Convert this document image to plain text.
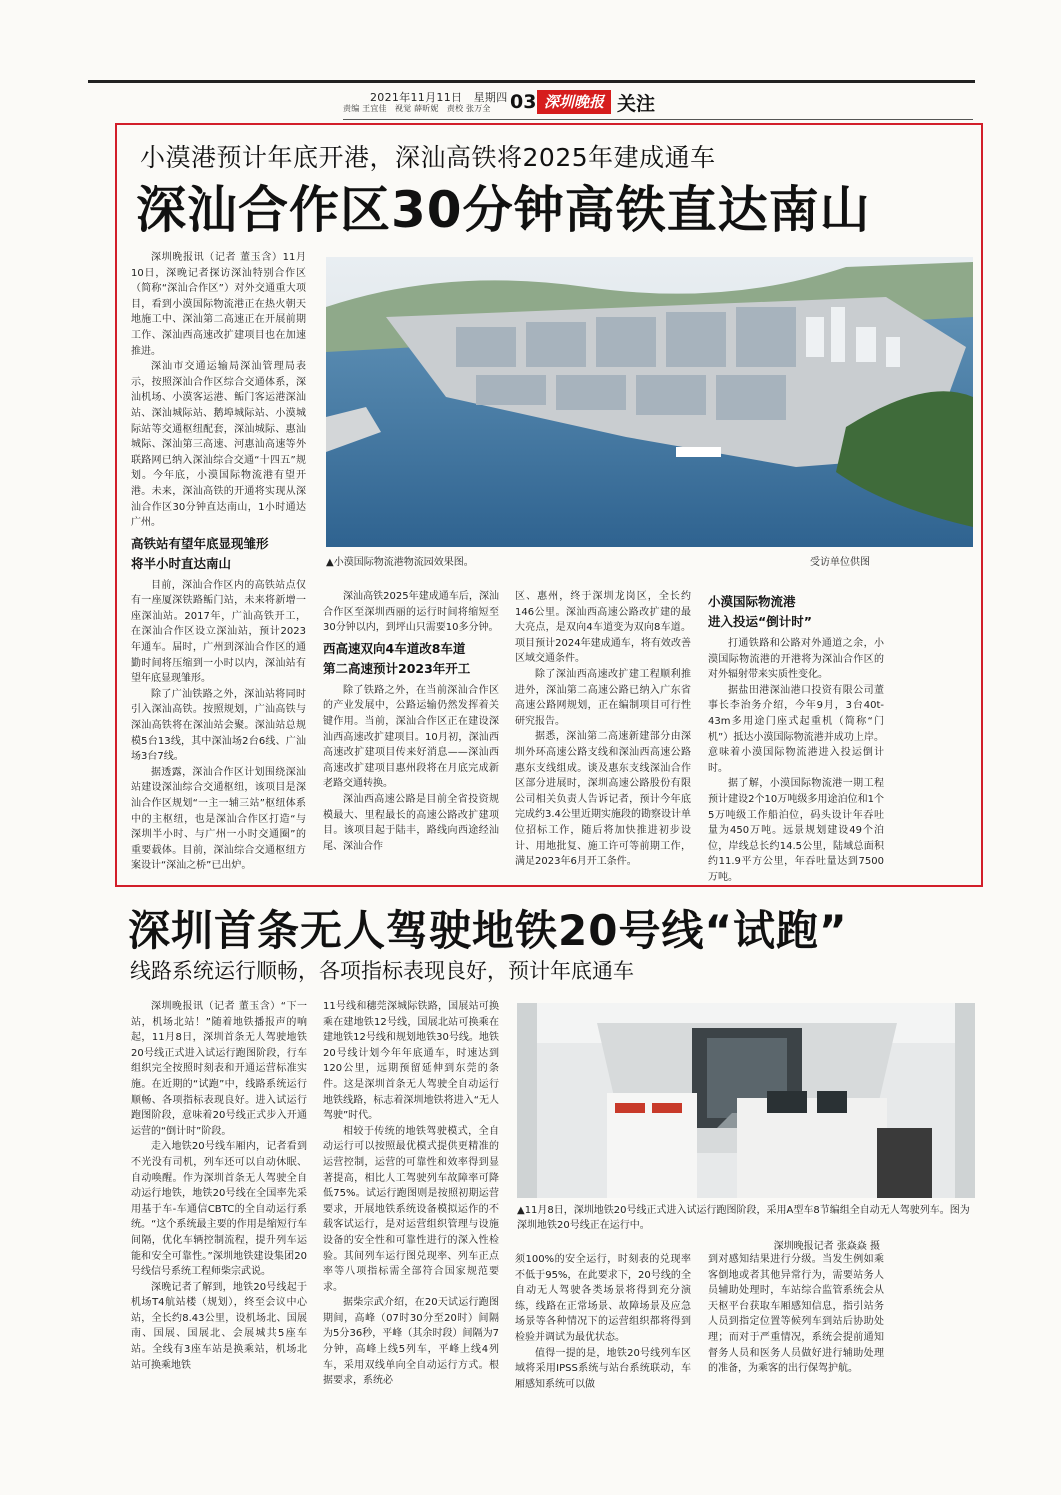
2021年11月11日　星期四
责编 王宜佳　视觉 薛昕妮　责校 张万全 03 深圳晚报 关注
小漠港预计年底开港，深汕高铁将2025年建成通车
深汕合作区30分钟高铁直达南山

深圳晚报讯（记者 董玉含）11月10日，深晚记者探访深汕特别合作区（简称“深汕合作区”）对外交通重大项目，看到小漠国际物流港正在热火朝天地施工中、深汕第二高速正在开展前期工作、深汕西高速改扩建项目也在加速推进。

深汕市交通运输局深汕管理局表示，按照深汕合作区综合交通体系，深汕机场、小漠客运港、鲘门客运港深汕站、深汕城际站、鹅埠城际站、小漠城际站等交通枢纽配套，深汕城际、惠汕城际、深汕第三高速、河惠汕高速等外联路网已纳入深汕综合交通“十四五”规划。今年底，小漠国际物流港有望开港。未来，深汕高铁的开通将实现从深汕合作区30分钟直达南山，1小时通达广州。

高铁站有望年底显现雏形
将半小时直达南山

目前，深汕合作区内的高铁站点仅有一座厦深铁路鲘门站，未来将新增一座深汕站。2017年，广汕高铁开工，在深汕合作区设立深汕站，预计2023年通车。届时，广州到深汕合作区的通勤时间将压缩到一小时以内，深汕站有望年底显现雏形。

除了广汕铁路之外，深汕站将同时引入深汕高铁。按照规划，广汕高铁与深汕高铁将在深汕站会聚。深汕站总规模5台13线，其中深汕场2台6线、广汕场3台7线。

据透露，深汕合作区计划围绕深汕站建设深汕综合交通枢纽，该项目是深汕合作区规划“一主一辅三站”枢纽体系中的主枢纽，也是深汕合作区打造“与深圳半小时、与广州一小时交通圈”的重要载体。目前，深汕综合交通枢纽方案设计“深汕之桥”已出炉。

▲小漠国际物流港物流园效果图。	受访单位供图

深汕高铁2025年建成通车后，深汕合作区至深圳西丽的运行时间将缩短至30分钟以内，到坪山只需要10多分钟。

西高速双向4车道改8车道
第二高速预计2023年开工

除了铁路之外，在当前深汕合作区的产业发展中，公路运输仍然发挥着关键作用。当前，深汕合作区正在建设深汕西高速改扩建项目。10月初，深汕西高速改扩建项目传来好消息——深汕西高速改扩建项目惠州段将在月底完成新老路交通转换。

深汕西高速公路是目前全省投资规模最大、里程最长的高速公路改扩建项目。该项目起于陆丰，路线向西途经汕尾、深汕合作

区、惠州，终于深圳龙岗区，全长约146公里。深汕西高速公路改扩建的最大亮点，是双向4车道变为双向8车道。项目预计2024年建成通车，将有效改善区域交通条件。

除了深汕西高速改扩建工程顺利推进外，深汕第二高速公路已纳入广东省高速公路网规划，正在编制项目可行性研究报告。

据悉，深汕第二高速新建部分由深圳外环高速公路支线和深汕西高速公路惠东支线组成。谈及惠东支线深汕合作区部分进展时，深圳高速公路股份有限公司相关负责人告诉记者，预计今年底完成约3.4公里近期实施段的勘察设计单位招标工作，随后将加快推进初步设计、用地批复、施工许可等前期工作，满足2023年6月开工条件。

小漠国际物流港
进入投运“倒计时”

打通铁路和公路对外通道之余，小漠国际物流港的开港将为深汕合作区的对外辐射带来实质性变化。

据盐田港深汕港口投资有限公司董事长李治务介绍，今年9月，3台40t-43m多用途门座式起重机（简称“门机”）抵达小漠国际物流港并成功上岸。意味着小漠国际物流港进入投运倒计时。

据了解，小漠国际物流港一期工程预计建设2个10万吨级多用途泊位和1个5万吨级工作船泊位，码头设计年吞吐量为450万吨。远景规划建设49个泊位，岸线总长约14.5公里，陆域总面积约11.9平方公里，年吞吐量达到7500万吨。

深圳首条无人驾驶地铁20号线“试跑”
线路系统运行顺畅，各项指标表现良好，预计年底通车

深圳晚报讯（记者 董玉含）“下一站，机场北站！”随着地铁播报声的响起，11月8日，深圳首条无人驾驶地铁20号线正式进入试运行跑图阶段，行车组织完全按照时刻表和开通运营标准实施。在近期的“试跑”中，线路系统运行顺畅、各项指标表现良好。进入试运行跑图阶段，意味着20号线正式步入开通运营的“倒计时”阶段。

走入地铁20号线车厢内，记者看到不光没有司机，列车还可以自动休眠、自动唤醒。作为深圳首条无人驾驶全自动运行地铁，地铁20号线在全国率先采用基于车-车通信CBTC的全自动运行系统。“这个系统最主要的作用是缩短行车间隔，优化车辆控制流程，提升列车运能和安全可靠性。”深圳地铁建设集团20号线信号系统工程师柴宗武说。

深晚记者了解到，地铁20号线起于机场T4航站楼（规划），终至会议中心站，全长约8.43公里，设机场北、国展南、国展、国展北、会展城共5座车站。全线有3座车站是换乘站，机场北站可换乘地铁

11号线和穗莞深城际铁路，国展站可换乘在建地铁12号线，国展北站可换乘在建地铁12号线和规划地铁30号线。地铁20号线计划今年年底通车，时速达到120公里，远期预留延伸到东莞的条件。这是深圳首条无人驾驶全自动运行地铁线路，标志着深圳地铁将进入“无人驾驶”时代。

相较于传统的地铁驾驶模式，全自动运行可以按照最优模式提供更精准的运营控制，运营的可靠性和效率得到显著提高，相比人工驾驶列车故障率可降低75%。试运行跑图则是按照初期运营要求，开展地铁系统设备模拟运作的不载客试运行，是对运营组织管理与设施设备的安全性和可靠性进行的深入性检验。其间列车运行图兑现率、列车正点率等八项指标需全部符合国家规范要求。

据柴宗武介绍，在20天试运行跑图期间，高峰（07时30分至20时）间隔为5分36秒，平峰（其余时段）间隔为7分钟，高峰上线5列车，平峰上线4列车，采用双线单向全自动运行方式。根据要求，系统必

▲11月8日，深圳地铁20号线正式进入试运行跑图阶段，采用A型车8节编组全自动无人驾驶列车。图为深圳地铁20号线正在运行中。
深圳晚报记者 张焱焱 摄

须100%的安全运行，时刻表的兑现率不低于95%，在此要求下，20号线的全自动无人驾驶各类场景将得到充分演练，线路在正常场景、故障场景及应急场景等各种情况下的运营组织都将得到检验并调试为最优状态。

值得一提的是，地铁20号线列车区域将采用IPSS系统与站台系统联动，车厢感知系统可以做

到对感知结果进行分级。当发生例如乘客倒地或者其他异常行为，需要站务人员辅助处理时，车站综合监管系统会从天枢平台获取车厢感知信息，指引站务人员到指定位置等候列车到站后协助处理；而对于严重情况，系统会提前通知督务人员和医务人员做好进行辅助处理的准备，为乘客的出行保驾护航。
